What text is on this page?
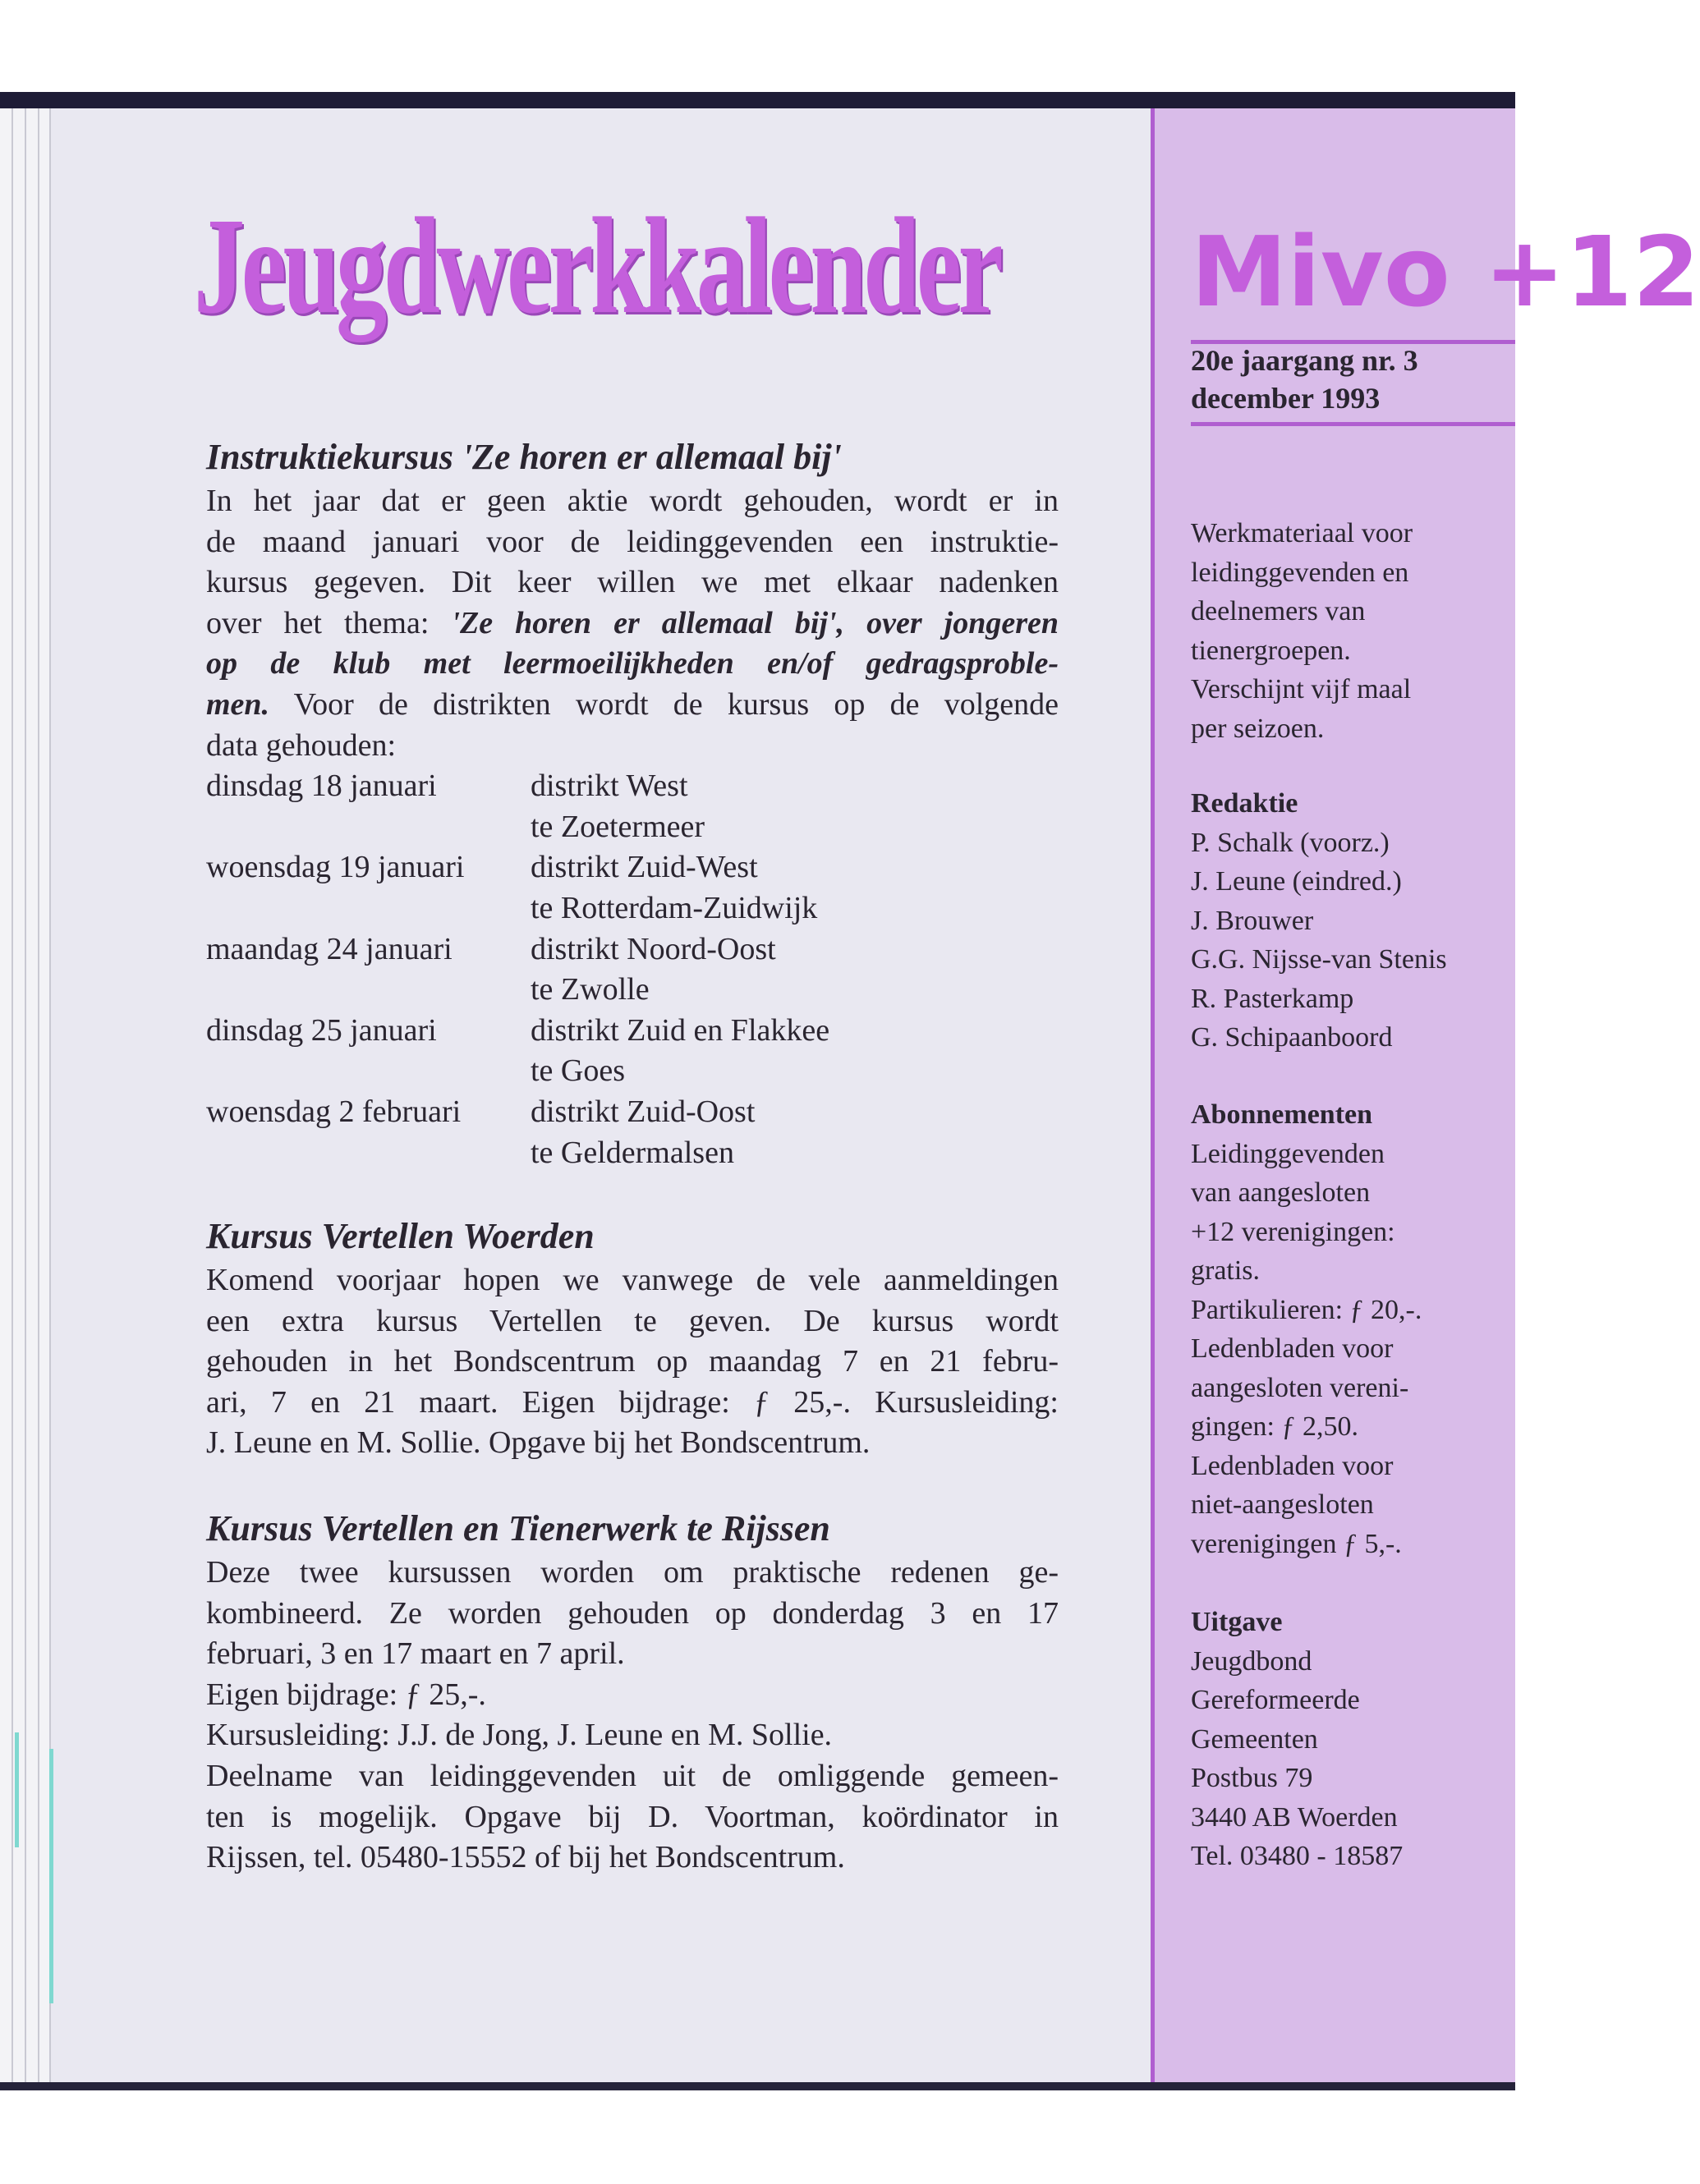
Jeugdwerkkalender Mivo +12
20e jaargang nr. 3
december 1993
Instruktiekursus 'Ze horen er allemaal bij'
In het jaar dat er geen aktie wordt gehouden, wordt er in
de maand januari voor de leidinggevenden een instruktie-
kursus gegeven. Dit keer willen we met elkaar nadenken
over het thema: 'Ze horen er allemaal bij', over jongeren
op de klub met leermoeilijkheden en/of gedragsproble-
men. Voor de distrikten wordt de kursus op de volgende
data gehouden:
dinsdag 18 januari	distrikt West
te Zoetermeer
woensdag 19 januari	distrikt Zuid-West
te Rotterdam-Zuidwijk
maandag 24 januari	distrikt Noord-Oost
te Zwolle
dinsdag 25 januari	distrikt Zuid en Flakkee
te Goes
woensdag 2 februari	distrikt Zuid-Oost
te Geldermalsen
Kursus Vertellen Woerden
Komend voorjaar hopen we vanwege de vele aanmeldingen
een extra kursus Vertellen te geven. De kursus wordt
gehouden in het Bondscentrum op maandag 7 en 21 febru-
ari, 7 en 21 maart. Eigen bijdrage: ƒ 25,-. Kursusleiding:
J. Leune en M. Sollie. Opgave bij het Bondscentrum.
Kursus Vertellen en Tienerwerk te Rijssen
Deze twee kursussen worden om praktische redenen ge-
kombineerd. Ze worden gehouden op donderdag 3 en 17
februari, 3 en 17 maart en 7 april.
Eigen bijdrage: ƒ 25,-.
Kursusleiding: J.J. de Jong, J. Leune en M. Sollie.
Deelname van leidinggevenden uit de omliggende gemeen-
ten is mogelijk. Opgave bij D. Voortman, koördinator in
Rijssen, tel. 05480-15552 of bij het Bondscentrum.
Werkmateriaal voor
leidinggevenden en
deelnemers van
tienergroepen.
Verschijnt vijf maal
per seizoen.
Redaktie
P. Schalk (voorz.)
J. Leune (eindred.)
J. Brouwer
G.G. Nijsse-van Stenis
R. Pasterkamp
G. Schipaanboord
Abonnementen
Leidinggevenden
van aangesloten
+12 verenigingen:
gratis.
Partikulieren: ƒ 20,-.
Ledenbladen voor
aangesloten vereni-
gingen: ƒ 2,50.
Ledenbladen voor
niet-aangesloten
verenigingen ƒ 5,-.
Uitgave
Jeugdbond
Gereformeerde
Gemeenten
Postbus 79
3440 AB Woerden
Tel. 03480 - 18587
